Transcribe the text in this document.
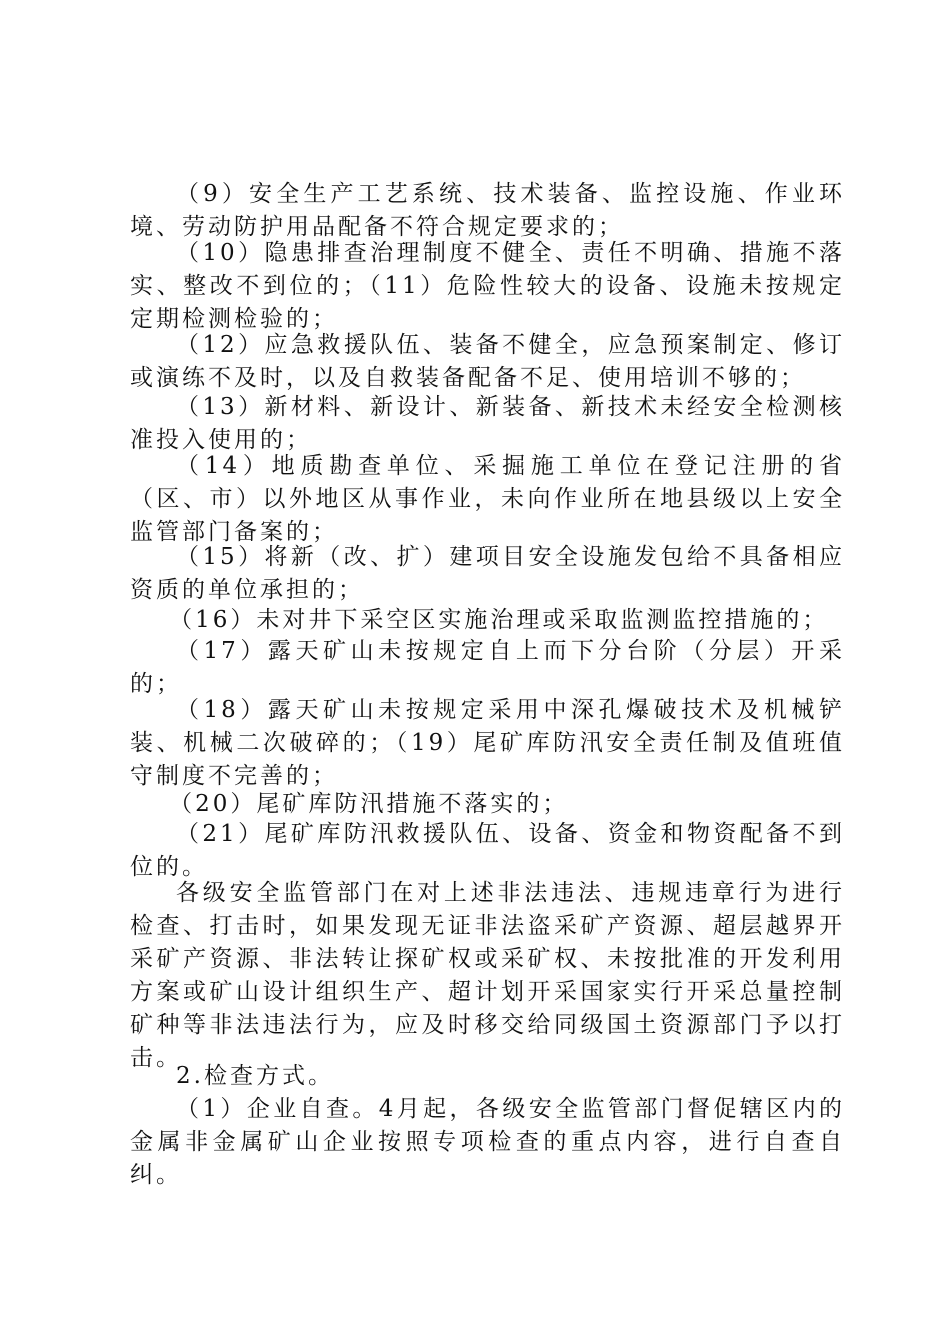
（9）安全生产工艺系统、技术装备、监控设施、作业环境、劳动防护用品配备不符合规定要求的；

（10）隐患排查治理制度不健全、责任不明确、措施不落实、整改不到位的；（11）危险性较大的设备、设施未按规定定期检测检验的；

（12）应急救援队伍、装备不健全，应急预案制定、修订或演练不及时，以及自救装备配备不足、使用培训不够的；

（13）新材料、新设计、新装备、新技术未经安全检测核准投入使用的；

（14）地质勘查单位、采掘施工单位在登记注册的省（区、市）以外地区从事作业，未向作业所在地县级以上安全监管部门备案的；

（15）将新（改、扩）建项目安全设施发包给不具备相应资质的单位承担的；

（16）未对井下采空区实施治理或采取监测监控措施的；

（17）露天矿山未按规定自上而下分台阶（分层）开采的；

（18）露天矿山未按规定采用中深孔爆破技术及机械铲装、机械二次破碎的；（19）尾矿库防汛安全责任制及值班值守制度不完善的；

（20）尾矿库防汛措施不落实的；

（21）尾矿库防汛救援队伍、设备、资金和物资配备不到位的。

各级安全监管部门在对上述非法违法、违规违章行为进行检查、打击时，如果发现无证非法盗采矿产资源、超层越界开采矿产资源、非法转让探矿权或采矿权、未按批准的开发利用方案或矿山设计组织生产、超计划开采国家实行开采总量控制矿种等非法违法行为，应及时移交给同级国土资源部门予以打击。

2.检查方式。

（1）企业自查。4月起，各级安全监管部门督促辖区内的金属非金属矿山企业按照专项检查的重点内容，进行自查自纠。
